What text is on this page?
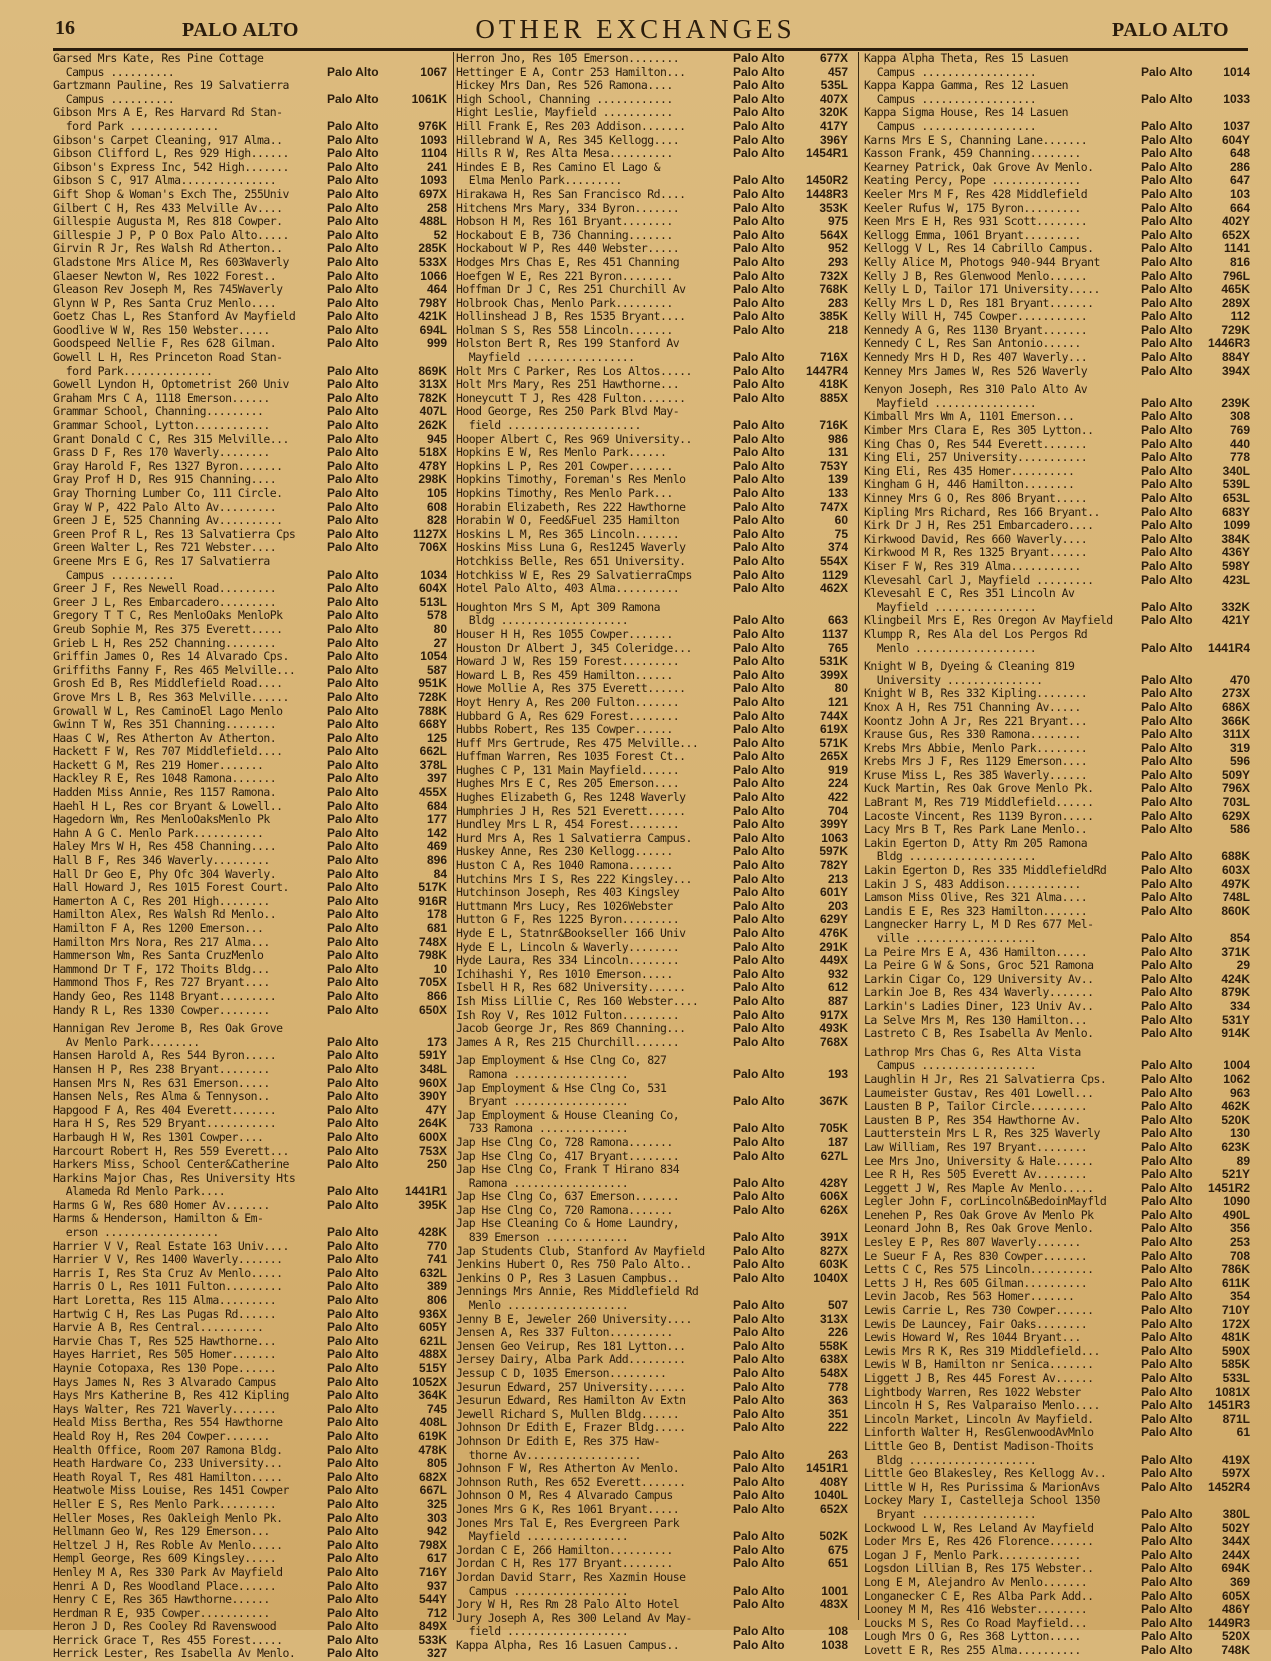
16	PALO ALTO	OTHER EXCHANGES	PALO ALTO
Garsed Mrs Kate, Res Pine Cottage
Campus ..........	Palo Alto	1067
Gartzmann Pauline, Res 19 Salvatierra
Campus ..........	Palo Alto	1061K
Gibson Mrs A E, Res Harvard Rd Stan-
ford Park ..............	Palo Alto	976K
Gibson's Carpet Cleaning, 917 Alma..	Palo Alto	1093
Gibson Clifford L, Res 929 High......	Palo Alto	1104
Gibson's Express Inc, 542 High.......	Palo Alto	241
Gibson S C, 917 Alma...............	Palo Alto	1093
Gift Shop & Woman's Exch The, 255Univ	Palo Alto	697X
Gilbert C H, Res 433 Melville Av....	Palo Alto	258
Gillespie Augusta M, Res 818 Cowper.	Palo Alto	488L
Gillespie J P, P O Box Palo Alto.....	Palo Alto	52
Girvin R Jr, Res Walsh Rd Atherton..	Palo Alto	285K
Gladstone Mrs Alice M, Res 603Waverly	Palo Alto	533X
Glaeser Newton W, Res 1022 Forest..	Palo Alto	1066
Gleason Rev Joseph M, Res 745Waverly	Palo Alto	464
Glynn W P, Res Santa Cruz Menlo....	Palo Alto	798Y
Goetz Chas L, Res Stanford Av Mayfield	Palo Alto	421K
Goodlive W W, Res 150 Webster.....	Palo Alto	694L
Goodspeed Nellie F, Res 628 Gilman.	Palo Alto	999
Gowell L H, Res Princeton Road Stan-
ford Park..............	Palo Alto	869K
Gowell Lyndon H, Optometrist 260 Univ	Palo Alto	313X
Graham Mrs C A, 1118 Emerson......	Palo Alto	782K
Grammar School, Channing.........	Palo Alto	407L
Grammar School, Lytton............	Palo Alto	262K
Grant Donald C C, Res 315 Melville...	Palo Alto	945
Grass D F, Res 170 Waverly........	Palo Alto	518X
Gray Harold F, Res 1327 Byron.......	Palo Alto	478Y
Gray Prof H D, Res 915 Channing....	Palo Alto	298K
Gray Thorning Lumber Co, 111 Circle.	Palo Alto	105
Gray W P, 422 Palo Alto Av.........	Palo Alto	608
Green J E, 525 Channing Av..........	Palo Alto	828
Green Prof R L, Res 13 Salvatierra Cps	Palo Alto	1127X
Green Walter L, Res 721 Webster....	Palo Alto	706X
Greene Mrs E G, Res 17 Salvatierra
Campus ..........	Palo Alto	1034
Greer J F, Res Newell Road.........	Palo Alto	604X
Greer J L, Res Embarcadero.........	Palo Alto	513L
Gregory T T C, Res MenloOaks MenloPk	Palo Alto	578
Greub Sophie M, Res 375 Everett.....	Palo Alto	80
Grieb L H, Res 252 Channing........	Palo Alto	27
Griffin James O, Res 14 Alvarado Cps.	Palo Alto	1054
Griffiths Fanny F, Res 465 Melville...	Palo Alto	587
Grosh Ed B, Res Middlefield Road....	Palo Alto	951K
Grove Mrs L B, Res 363 Melville......	Palo Alto	728K
Growall W L, Res CaminoEl Lago Menlo	Palo Alto	788K
Gwinn T W, Res 351 Channing........	Palo Alto	668Y
Haas C W, Res Atherton Av Atherton.	Palo Alto	125
Hackett F W, Res 707 Middlefield....	Palo Alto	662L
Hackett G M, Res 219 Homer.......	Palo Alto	378L
Hackley R E, Res 1048 Ramona.......	Palo Alto	397
Hadden Miss Annie, Res 1157 Ramona.	Palo Alto	455X
Haehl H L, Res cor Bryant & Lowell..	Palo Alto	684
Hagedorn Wm, Res MenloOaksMenlo Pk	Palo Alto	177
Hahn A G C. Menlo Park...........	Palo Alto	142
Haley Mrs W H, Res 458 Channing....	Palo Alto	469
Hall B F, Res 346 Waverly.........	Palo Alto	896
Hall Dr Geo E, Phy Ofc 304 Waverly.	Palo Alto	84
Hall Howard J, Res 1015 Forest Court.	Palo Alto	517K
Hamerton A C, Res 201 High........	Palo Alto	916R
Hamilton Alex, Res Walsh Rd Menlo..	Palo Alto	178
Hamilton F A, Res 1200 Emerson...	Palo Alto	681
Hamilton Mrs Nora, Res 217 Alma...	Palo Alto	748X
Hammerson Wm, Res Santa CruzMenlo	Palo Alto	798K
Hammond Dr T F, 172 Thoits Bldg...	Palo Alto	10
Hammond Thos F, Res 727 Bryant....	Palo Alto	705X
Handy Geo, Res 1148 Bryant.........	Palo Alto	866
Handy R L, Res 1330 Cowper........	Palo Alto	650X
Hannigan Rev Jerome B, Res Oak Grove
Av Menlo Park........	Palo Alto	173
Hansen Harold A, Res 544 Byron.....	Palo Alto	591Y
Hansen H P, Res 238 Bryant........	Palo Alto	348L
Hansen Mrs N, Res 631 Emerson.....	Palo Alto	960X
Hansen Nels, Res Alma & Tennyson..	Palo Alto	390Y
Hapgood F A, Res 404 Everett.......	Palo Alto	47Y
Hara H S, Res 529 Bryant...........	Palo Alto	264K
Harbaugh H W, Res 1301 Cowper....	Palo Alto	600X
Harcourt Robert H, Res 559 Everett...	Palo Alto	753X
Harkers Miss, School Center&Catherine	Palo Alto	250
Harkins Major Chas, Res University Hts
Alameda Rd Menlo Park....	Palo Alto 1441R1
Harms G W, Res 680 Homer Av.......	Palo Alto	395K
Harms & Henderson, Hamilton & Em-
erson ..................	Palo Alto	428K
Harrier V V, Real Estate 163 Univ....	Palo Alto	770
Harrier V V, Res 1400 Waverly.......	Palo Alto	741
Harris I, Res Sta Cruz Av Menlo.....	Palo Alto	632L
Harris O L, Res 1011 Fulton.........	Palo Alto	389
Hart Loretta, Res 115 Alma.........	Palo Alto	806
Hartwig C H, Res Las Pugas Rd......	Palo Alto	936X
Harvie A B, Res Central..........	Palo Alto	605Y
Harvie Chas T, Res 525 Hawthorne...	Palo Alto	621L
Hayes Harriet, Res 505 Homer.......	Palo Alto	488X
Haynie Cotopaxa, Res 130 Pope......	Palo Alto	515Y
Hays James N, Res 3 Alvarado Campus	Palo Alto	1052X
Hays Mrs Katherine B, Res 412 Kipling	Palo Alto	364K
Hays Walter, Res 721 Waverly.......	Palo Alto	745
Heald Miss Bertha, Res 554 Hawthorne	Palo Alto	408L
Heald Roy H, Res 204 Cowper.......	Palo Alto	619K
Health Office, Room 207 Ramona Bldg.	Palo Alto	478K
Heath Hardware Co, 233 University...	Palo Alto	805
Heath Royal T, Res 481 Hamilton.....	Palo Alto	682X
Heatwole Miss Louise, Res 1451 Cowper	Palo Alto	667L
Heller E S, Res Menlo Park.........	Palo Alto	325
Heller Moses, Res Oakleigh Menlo Pk.	Palo Alto	303
Hellmann Geo W, Res 129 Emerson...	Palo Alto	942
Heltzel J H, Res Roble Av Menlo.....	Palo Alto	798X
Hempl George, Res 609 Kingsley.....	Palo Alto	617
Henley M A, Res 330 Park Av Mayfield	Palo Alto	716Y
Henri A D, Res Woodland Place......	Palo Alto	937
Henry C E, Res 365 Hawthorne......	Palo Alto	544Y
Herdman R E, 935 Cowper...........	Palo Alto	712
Heron J D, Res Cooley Rd Ravenswood	Palo Alto	849X
Herrick Grace T, Res 455 Forest.....	Palo Alto	533K
Herrick Lester, Res Isabella Av Menlo.	Palo Alto	327
Herron Jno, Res 105 Emerson........	Palo Alto	677X
Hettinger E A, Contr 253 Hamilton...	Palo Alto	457
Hickey Mrs Dan, Res 526 Ramona....	Palo Alto	535L
High School, Channing ............	Palo Alto	407X
Hight Leslie, Mayfield ...........	Palo Alto	320K
Hill Frank E, Res 203 Addison.......	Palo Alto	417Y
Hillebrand W A, Res 345 Kellogg....	Palo Alto	396Y
Hills R W, Res Alta Mesa..........	Palo Alto 1454R1
Hindes E B, Res Camino El Lago &
Elma Menlo Park.........	Palo Alto 1450R2
Hirakawa H, Res San Francisco Rd....	Palo Alto 1448R3
Hitchens Mrs Mary, 334 Byron.......	Palo Alto	353K
Hobson H M, Res 161 Bryant........	Palo Alto	975
Hockabout E B, 736 Channing.......	Palo Alto	564X
Hockabout W P, Res 440 Webster.....	Palo Alto	952
Hodges Mrs Chas E, Res 451 Channing	Palo Alto	293
Hoefgen W E, Res 221 Byron........	Palo Alto	732X
Hoffman Dr J C, Res 251 Churchill Av	Palo Alto	768K
Holbrook Chas, Menlo Park.........	Palo Alto	283
Hollinshead J B, Res 1535 Bryant....	Palo Alto	385K
Holman S S, Res 558 Lincoln.......	Palo Alto	218
Holston Bert R, Res 199 Stanford Av
Mayfield .................	Palo Alto	716X
Holt Mrs C Parker, Res Los Altos.....	Palo Alto 1447R4
Holt Mrs Mary, Res 251 Hawthorne...	Palo Alto	418K
Honeycutt T J, Res 428 Fulton.......	Palo Alto	885X
Hood George, Res 250 Park Blvd May-
field .....................	Palo Alto	716K
Hooper Albert C, Res 969 University..	Palo Alto	986
Hopkins E W, Res Menlo Park......	Palo Alto	131
Hopkins L P, Res 201 Cowper.......	Palo Alto	753Y
Hopkins Timothy, Foreman's Res Menlo	Palo Alto	139
Hopkins Timothy, Res Menlo Park...	Palo Alto	133
Horabin Elizabeth, Res 222 Hawthorne	Palo Alto	747X
Horabin W O, Feed&Fuel 235 Hamilton	Palo Alto	60
Hoskins L M, Res 365 Lincoln.......	Palo Alto	75
Hoskins Miss Luna G, Res1245 Waverly	Palo Alto	374
Hotchkiss Belle, Res 651 University.	Palo Alto	554X
Hotchkiss W E, Res 29 SalvatierraCmps	Palo Alto	1129
Hotel Palo Alto, 403 Alma..........	Palo Alto	462X
Houghton Mrs S M, Apt 309 Ramona
Bldg ....................	Palo Alto	663
Houser H H, Res 1055 Cowper.......	Palo Alto	1137
Houston Dr Albert J, 345 Coleridge...	Palo Alto	765
Howard J W, Res 159 Forest.........	Palo Alto	531K
Howard L B, Res 459 Hamilton......	Palo Alto	399X
Howe Mollie A, Res 375 Everett......	Palo Alto	80
Hoyt Henry A, Res 200 Fulton.......	Palo Alto	121
Hubbard G A, Res 629 Forest........	Palo Alto	744X
Hubbs Robert, Res 135 Cowper......	Palo Alto	619X
Huff Mrs Gertrude, Res 475 Melville...	Palo Alto	571K
Huffman Warren, Res 1035 Forest Ct..	Palo Alto	265X
Hughes C P, 131 Main Mayfield......	Palo Alto	919
Hughes Mrs E C, Res 205 Emerson....	Palo Alto	224
Hughes Elizabeth G, Res 1248 Waverly	Palo Alto	422
Humphries J H, Res 521 Everett......	Palo Alto	704
Hundley Mrs L R, 454 Forest........	Palo Alto	399Y
Hurd Mrs A, Res 1 Salvatierra Campus.	Palo Alto	1063
Huskey Anne, Res 230 Kellogg......	Palo Alto	597K
Huston C A, Res 1040 Ramona.......	Palo Alto	782Y
Hutchins Mrs I S, Res 222 Kingsley...	Palo Alto	213
Hutchinson Joseph, Res 403 Kingsley	Palo Alto	601Y
Huttmann Mrs Lucy, Res 1026Webster	Palo Alto	203
Hutton G F, Res 1225 Byron.........	Palo Alto	629Y
Hyde E L, Statnr&Bookseller 166 Univ	Palo Alto	476K
Hyde E L, Lincoln & Waverly........	Palo Alto	291K
Hyde Laura, Res 334 Lincoln........	Palo Alto	449X
Ichihashi Y, Res 1010 Emerson.....	Palo Alto	932
Isbell H R, Res 682 University......	Palo Alto	612
Ish Miss Lillie C, Res 160 Webster....	Palo Alto	887
Ish Roy V, Res 1012 Fulton.........	Palo Alto	917X
Jacob George Jr, Res 869 Channing...	Palo Alto	493K
James A R, Res 215 Churchill.......	Palo Alto	768X
Jap Employment & Hse Clng Co, 827
Ramona ..................	Palo Alto	193
Jap Employment & Hse Clng Co, 531
Bryant ..................	Palo Alto	367K
Jap Employment & House Cleaning Co,
733 Ramona ..............	Palo Alto	705K
Jap Hse Clng Co, 728 Ramona.......	Palo Alto	187
Jap Hse Clng Co, 417 Bryant........	Palo Alto	627L
Jap Hse Clng Co, Frank T Hirano 834
Ramona ..................	Palo Alto	428Y
Jap Hse Clng Co, 637 Emerson.......	Palo Alto	606X
Jap Hse Clng Co, 720 Ramona.......	Palo Alto	626X
Jap Hse Cleaning Co & Home Laundry,
839 Emerson .............	Palo Alto	391X
Jap Students Club, Stanford Av Mayfield	Palo Alto	827X
Jenkins Hubert O, Res 750 Palo Alto..	Palo Alto	603K
Jenkins O P, Res 3 Lasuen Campbus..	Palo Alto 1040X
Jennings Mrs Annie, Res Middlefield Rd
Menlo ...................	Palo Alto	507
Jenny B E, Jeweler 260 University....	Palo Alto	313X
Jensen A, Res 337 Fulton..........	Palo Alto	226
Jensen Geo Veirup, Res 181 Lytton...	Palo Alto	558K
Jersey Dairy, Alba Park Add.........	Palo Alto	638X
Jessup C D, 1035 Emerson.........	Palo Alto	548X
Jesurun Edward, 257 University......	Palo Alto	778
Jesurun Edward, Res Hamilton Av Extn	Palo Alto	363
Jewell Richard S, Mullen Bldg......	Palo Alto	351
Johnson Dr Edith E, Frazer Bldg.....	Palo Alto	222
Johnson Dr Edith E, Res 375 Haw-
thorne Av..................	Palo Alto	263
Johnson F W, Res Atherton Av Menlo.	Palo Alto 1451R1
Johnson Ruth, Res 652 Everett.......	Palo Alto	408Y
Johnson O M, Res 4 Alvarado Campus	Palo Alto 1040L
Jones Mrs G K, Res 1061 Bryant.....	Palo Alto	652X
Jones Mrs Tal E, Res Evergreen Park
Mayfield ................	Palo Alto	502K
Jordan C E, 266 Hamilton..........	Palo Alto	675
Jordan C H, Res 177 Bryant........	Palo Alto	651
Jordan David Starr, Res Xazmin House
Campus ..................	Palo Alto	1001
Jory W H, Res Rm 28 Palo Alto Hotel	Palo Alto	483X
Jury Joseph A, Res 300 Leland Av May-
field ...................	Palo Alto	108
Kappa Alpha, Res 16 Lasuen Campus..	Palo Alto	1038
Kappa Alpha Theta, Res 15 Lasuen
Campus ..................	Palo Alto	1014
Kappa Kappa Gamma, Res 12 Lasuen
Campus ..................	Palo Alto	1033
Kappa Sigma House, Res 14 Lasuen
Campus ..................	Palo Alto	1037
Karns Mrs E S, Channing Lane.......	Palo Alto 604Y
Kasson Frank, 459 Channing........	Palo Alto	648
Kearney Patrick, Oak Grove Av Menlo.	Palo Alto	286
Keating Percy, Pope ..............	Palo Alto	647
Keeler Mrs M F, Res 428 Middlefield	Palo Alto	103
Keeler Rufus W, 175 Byron.........	Palo Alto	664
Keen Mrs E H, Res 931 Scott........	Palo Alto 402Y
Kellogg Emma, 1061 Bryant.........	Palo Alto 652X
Kellogg V L, Res 14 Cabrillo Campus.	Palo Alto	1141
Kelly Alice M, Photogs 940-944 Bryant	Palo Alto	816
Kelly J B, Res Glenwood Menlo......	Palo Alto	796L
Kelly L D, Tailor 171 University.....	Palo Alto 465K
Kelly Mrs L D, Res 181 Bryant.......	Palo Alto 289X
Kelly Will H, 745 Cowper...........	Palo Alto	112
Kennedy A G, Res 1130 Bryant.......	Palo Alto 729K
Kennedy C L, Res San Antonio......	Palo Alto 1446R3
Kennedy Mrs H D, Res 407 Waverly...	Palo Alto 884Y
Kenney Mrs James W, Res 526 Waverly	Palo Alto 394X
Kenyon Joseph, Res 310 Palo Alto Av
Mayfield ................	Palo Alto 239K
Kimball Mrs Wm A, 1101 Emerson...	Palo Alto	308
Kimber Mrs Clara E, Res 305 Lytton..	Palo Alto	769
King Chas O, Res 544 Everett.......	Palo Alto	440
King Eli, 257 University...........	Palo Alto	778
King Eli, Res 435 Homer..........	Palo Alto	340L
Kingham G H, 446 Hamilton........	Palo Alto	539L
Kinney Mrs G O, Res 806 Bryant.....	Palo Alto	653L
Kipling Mrs Richard, Res 166 Bryant..	Palo Alto 683Y
Kirk Dr J H, Res 251 Embarcadero....	Palo Alto	1099
Kirkwood David, Res 660 Waverly....	Palo Alto 384K
Kirkwood M R, Res 1325 Bryant......	Palo Alto 436Y
Kiser F W, Res 319 Alma...........	Palo Alto 598Y
Klevesahl Carl J, Mayfield .........	Palo Alto	423L
Klevesahl E C, Res 351 Lincoln Av
Mayfield ................	Palo Alto 332K
Klingbeil Mrs E, Res Oregon Av Mayfield	Palo Alto 421Y
Klumpp R, Res Ala del Los Pergos Rd
Menlo ...................	Palo Alto 1441R4
Knight W B, Dyeing & Cleaning 819
University ...............	Palo Alto	470
Knight W B, Res 332 Kipling........	Palo Alto 273X
Knox A H, Res 751 Channing Av.....	Palo Alto 686X
Koontz John A Jr, Res 221 Bryant...	Palo Alto 366K
Krause Gus, Res 330 Ramona........	Palo Alto	311X
Krebs Mrs Abbie, Menlo Park........	Palo Alto	319
Krebs Mrs J F, Res 1129 Emerson....	Palo Alto	596
Kruse Miss L, Res 385 Waverly......	Palo Alto 509Y
Kuck Martin, Res Oak Grove Menlo Pk.	Palo Alto 796X
LaBrant M, Res 719 Middlefield......	Palo Alto	703L
Lacoste Vincent, Res 1139 Byron.....	Palo Alto 629X
Lacy Mrs B T, Res Park Lane Menlo..	Palo Alto	586
Lakin Egerton D, Atty Rm 205 Ramona
Bldg ....................	Palo Alto 688K
Lakin Egerton D, Res 335 MiddlefieldRd	Palo Alto 603X
Lakin J S, 483 Addison............	Palo Alto 497K
Lamson Miss Olive, Res 321 Alma....	Palo Alto	748L
Landis E E, Res 323 Hamilton.......	Palo Alto 860K
Langnecker Harry L, M D Res 677 Mel-
ville ...................	Palo Alto	854
La Peire Mrs E A, 436 Hamilton.....	Palo Alto 371K
La Peire G W & Sons, Groc 521 Ramona	Palo Alto	29
Larkin Cigar Co, 129 University Av..	Palo Alto 424K
Larkin Joe B, Res 434 Waverly.......	Palo Alto 879K
Larkin's Ladies Diner, 123 Univ Av..	Palo Alto	334
La Selve Mrs M, Res 130 Hamilton...	Palo Alto 531Y
Lastreto C B, Res Isabella Av Menlo.	Palo Alto 914K
Lathrop Mrs Chas G, Res Alta Vista
Campus ..................	Palo Alto	1004
Laughlin H Jr, Res 21 Salvatierra Cps.	Palo Alto	1062
Laumeister Gustav, Res 401 Lowell...	Palo Alto	963
Lausten B P, Tailor Circle.........	Palo Alto 462K
Lausten B P, Res 354 Hawthorne Av.	Palo Alto 520K
Lautterstein Mrs L R, Res 325 Waverly	Palo Alto	130
Law William, Res 197 Bryant........	Palo Alto 623K
Lee Mrs Jno, University & Hale......	Palo Alto	89
Lee R H, Res 505 Everett Av........	Palo Alto 521Y
Leggett J W, Res Maple Av Menlo.....	Palo Alto 1451R2
Legler John F, corLincoln&BedoinMayfld	Palo Alto	1090
Lenehen P, Res Oak Grove Av Menlo Pk	Palo Alto	490L
Leonard John B, Res Oak Grove Menlo.	Palo Alto	356
Lesley E P, Res 807 Waverly.......	Palo Alto	253
Le Sueur F A, Res 830 Cowper.......	Palo Alto	708
Letts C C, Res 575 Lincoln..........	Palo Alto 786K
Letts J H, Res 605 Gilman..........	Palo Alto 611K
Levin Jacob, Res 563 Homer.......	Palo Alto	354
Lewis Carrie L, Res 730 Cowper......	Palo Alto 710Y
Lewis De Launcey, Fair Oaks........	Palo Alto 172X
Lewis Howard W, Res 1044 Bryant...	Palo Alto 481K
Lewis Mrs R K, Res 319 Middlefield...	Palo Alto 590X
Lewis W B, Hamilton nr Senica.......	Palo Alto 585K
Liggett J B, Res 445 Forest Av......	Palo Alto	533L
Lightbody Warren, Res 1022 Webster	Palo Alto 1081X
Lincoln H S, Res Valparaiso Menlo....	Palo Alto 1451R3
Lincoln Market, Lincoln Av Mayfield.	Palo Alto	871L
Linforth Walter H, ResGlenwoodAvMnlo	Palo Alto	61
Little Geo B, Dentist Madison-Thoits
Bldg ....................	Palo Alto 419X
Little Geo Blakesley, Res Kellogg Av..	Palo Alto 597X
Little W H, Res Purissima & MarionAvs	Palo Alto 1452R4
Lockey Mary I, Castelleja School 1350
Bryant ..................	Palo Alto	380L
Lockwood L W, Res Leland Av Mayfield	Palo Alto 502Y
Loder Mrs E, Res 426 Florence.......	Palo Alto 344X
Logan J F, Menlo Park.............	Palo Alto 244X
Logsdon Lillian B, Res 175 Webster..	Palo Alto 694K
Long E M, Alejandro Av Menlo.......	Palo Alto	369
Longanecker C E, Res Alba Park Add..	Palo Alto 605X
Looney M M, Res 416 Webster........	Palo Alto 486Y
Loucks M S, Res Co Road Mayfield...	Palo Alto 1449R3
Lough Mrs O G, Res 368 Lytton.....	Palo Alto 520X
Lovett E R, Res 255 Alma..........	Palo Alto 748K
